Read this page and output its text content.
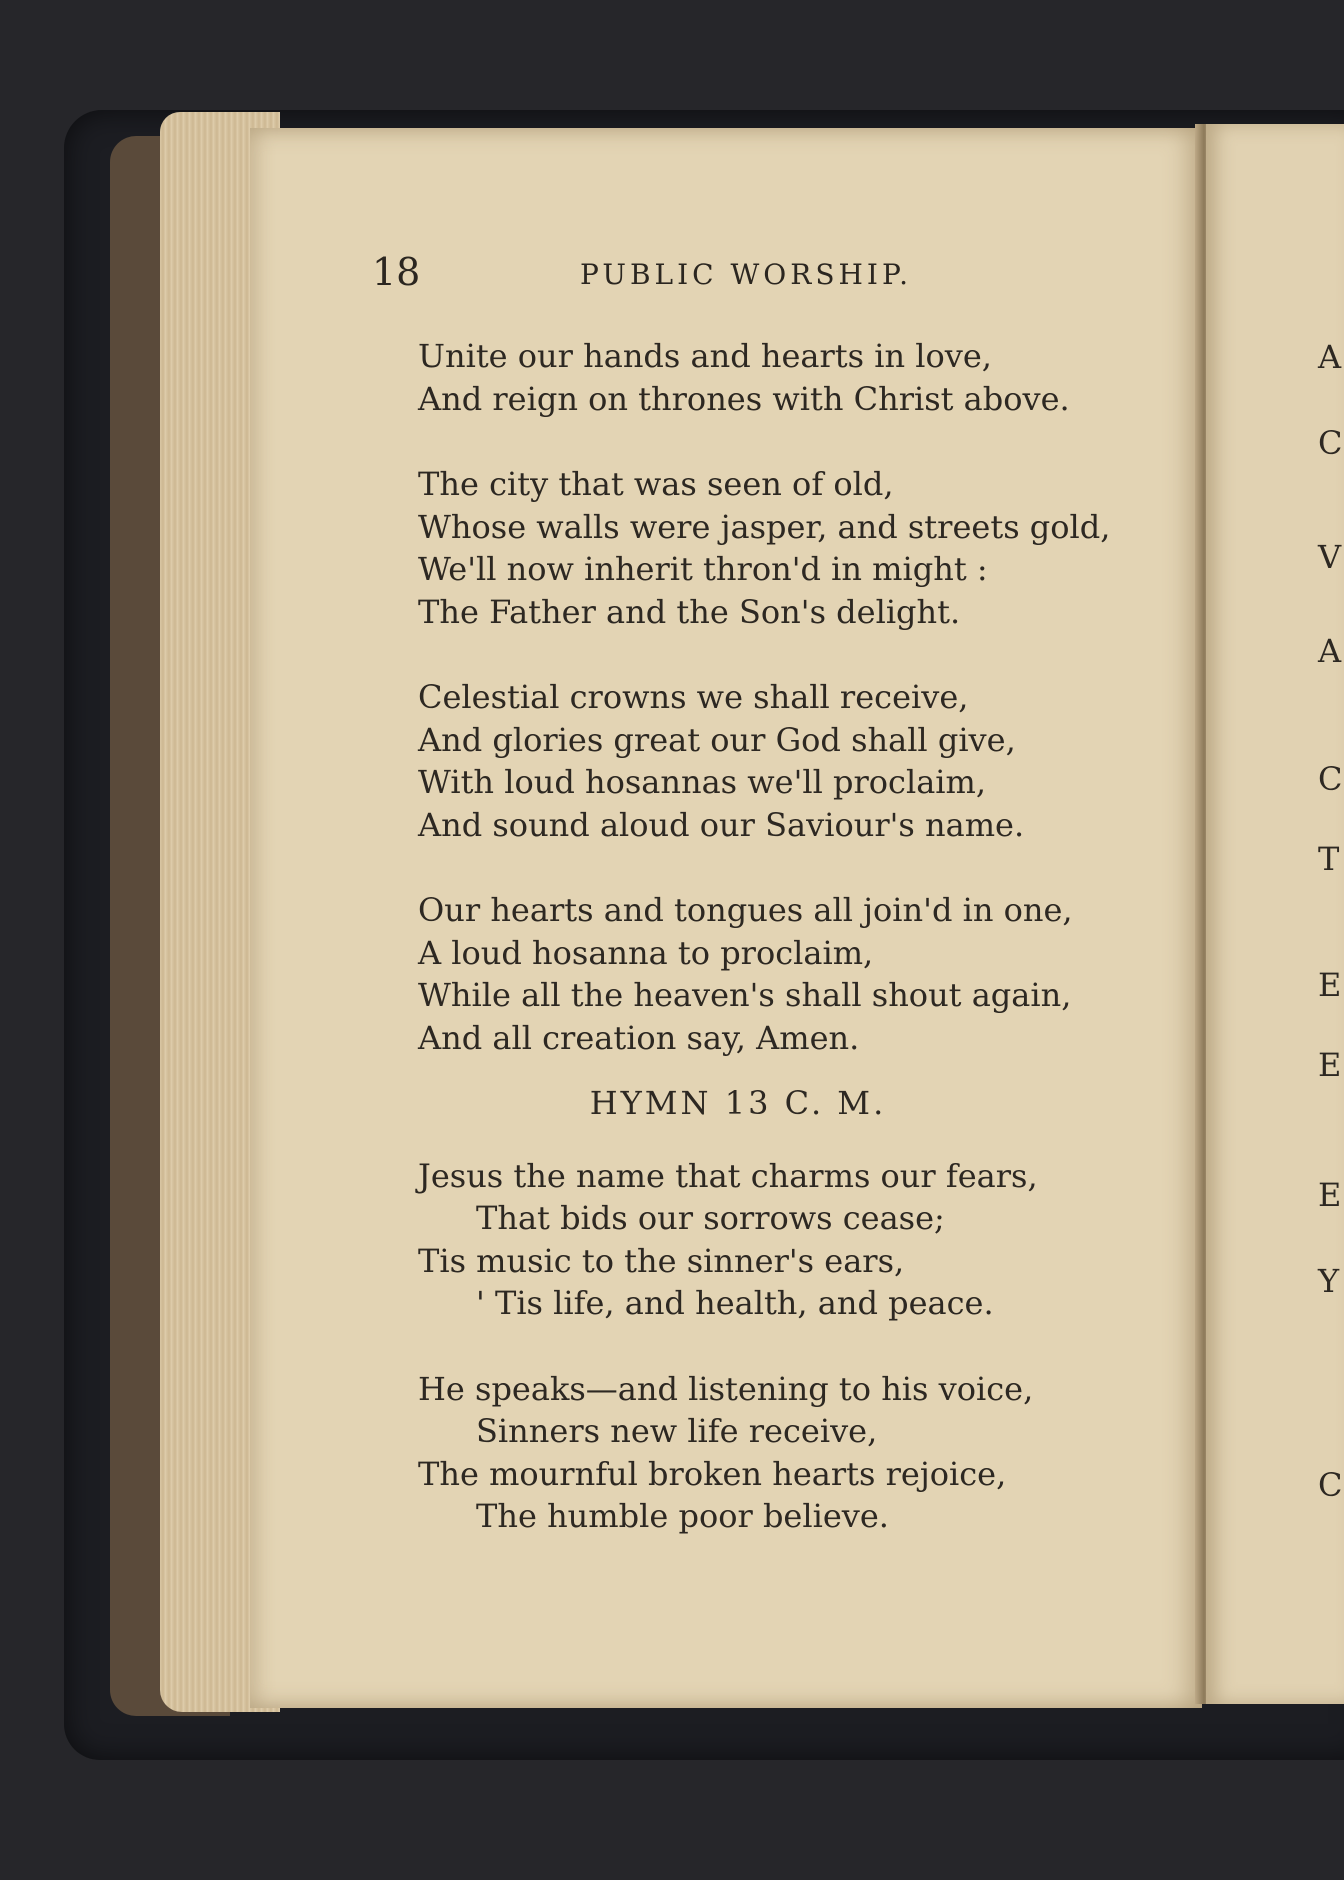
18	PUBLIC WORSHIP.
Unite our hands and hearts in love,
And reign on thrones with Christ above.
The city that was seen of old,
Whose walls were jasper, and streets gold,
We'll now inherit thron'd in might :
The Father and the Son's delight.
Celestial crowns we shall receive,
And glories great our God shall give,
With loud hosannas we'll proclaim,
And sound aloud our Saviour's name.
Our hearts and tongues all join'd in one,
A loud hosanna to proclaim,
While all the heaven's shall shout again,
And all creation say, Amen.
HYMN 13 C. M.
Jesus the name that charms our fears,
That bids our sorrows cease;
Tis music to the sinner's ears,
' Tis life, and health, and peace.
He speaks—and listening to his voice,
Sinners new life receive,
The mournful broken hearts rejoice,
The humble poor believe.
A
C
V
A
C
T
E
E
E
Y
C
